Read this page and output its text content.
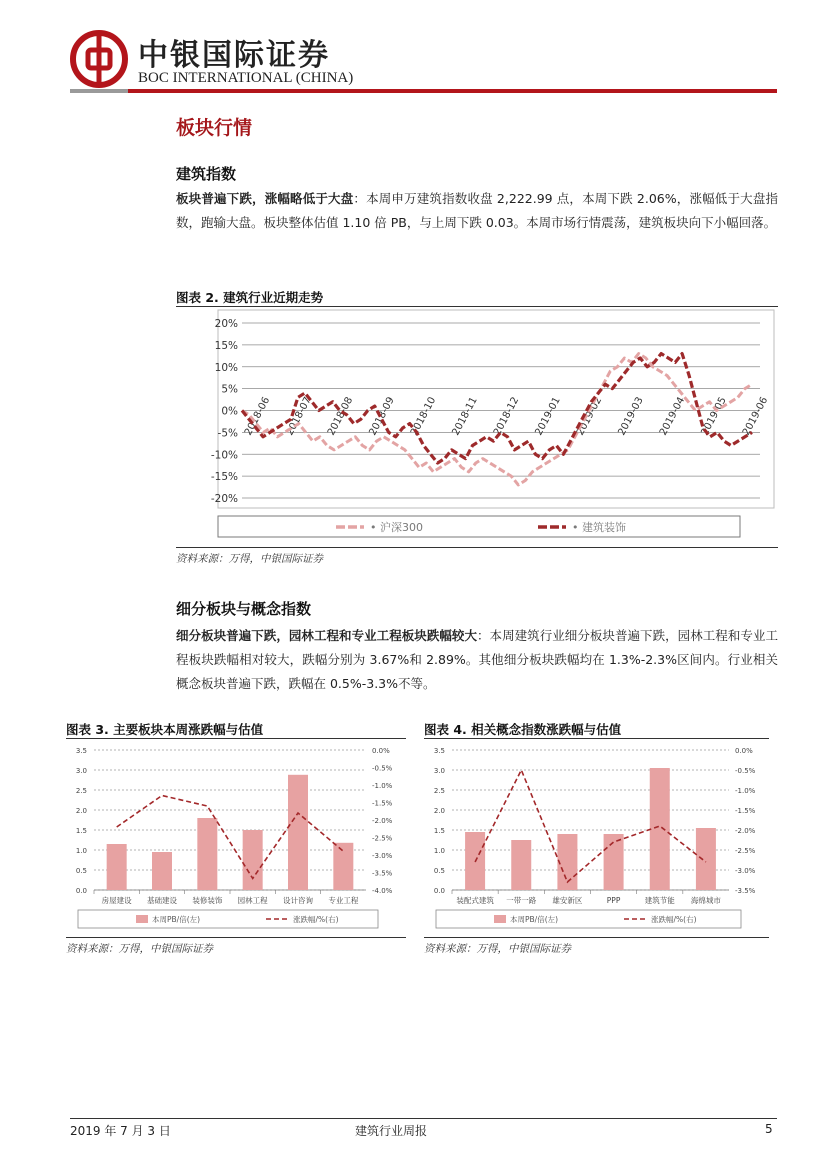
中银国际证券
BOC INTERNATIONAL (CHINA)
板块行情
建筑指数
板块普遍下跌，涨幅略低于大盘：本周申万建筑指数收盘 2,222.99 点，本周下跌 2.06%，涨幅低于大盘指数，跑输大盘。板块整体估值 1.10 倍 PB，与上周下跌 0.03。本周市场行情震荡，建筑板块向下小幅回落。
图表 2. 建筑行业近期走势
20%
15%
10%
5%
0%
-5%
-10%
-15%
-20%
2018-06 2018-07 2018-08 2018-09 2018-10 2018-11 2018-12 2019-01 2019-02 2019-03 2019-04 2019-05 2019-06
• 沪深300	• 建筑装饰
资料来源：万得，中银国际证券
细分板块与概念指数
细分板块普遍下跌，园林工程和专业工程板块跌幅较大：本周建筑行业细分板块普遍下跌，园林工程和专业工程板块跌幅相对较大，跌幅分别为 3.67%和 2.89%。其他细分板块跌幅均在 1.3%-2.3%区间内。行业相关概念板块普遍下跌，跌幅在 0.5%-3.3%不等。
图表 3. 主要板块本周涨跌幅与估值
3.5
3.0
2.5
2.0
1.5
1.0
0.5
0.0
0.0%
-0.5%
-1.0%
-1.5%
-2.0%
-2.5%
-3.0%
-3.5%
-4.0%
房屋建设 基础建设 装修装饰 园林工程 设计咨询 专业工程
本周PB/倍(左)	涨跌幅/%(右)
资料来源：万得，中银国际证券
图表 4. 相关概念指数涨跌幅与估值
3.5
3.0
2.5
2.0
1.5
1.0
0.5
0.0
0.0%
-0.5%
-1.0%
-1.5%
-2.0%
-2.5%
-3.0%
-3.5%
装配式建筑 一带一路 雄安新区	PPP	建筑节能 海绵城市
本周PB/倍(左)	涨跌幅/%(右)
资料来源：万得，中银国际证券
2019 年 7 月 3 日	建筑行业周报	5
